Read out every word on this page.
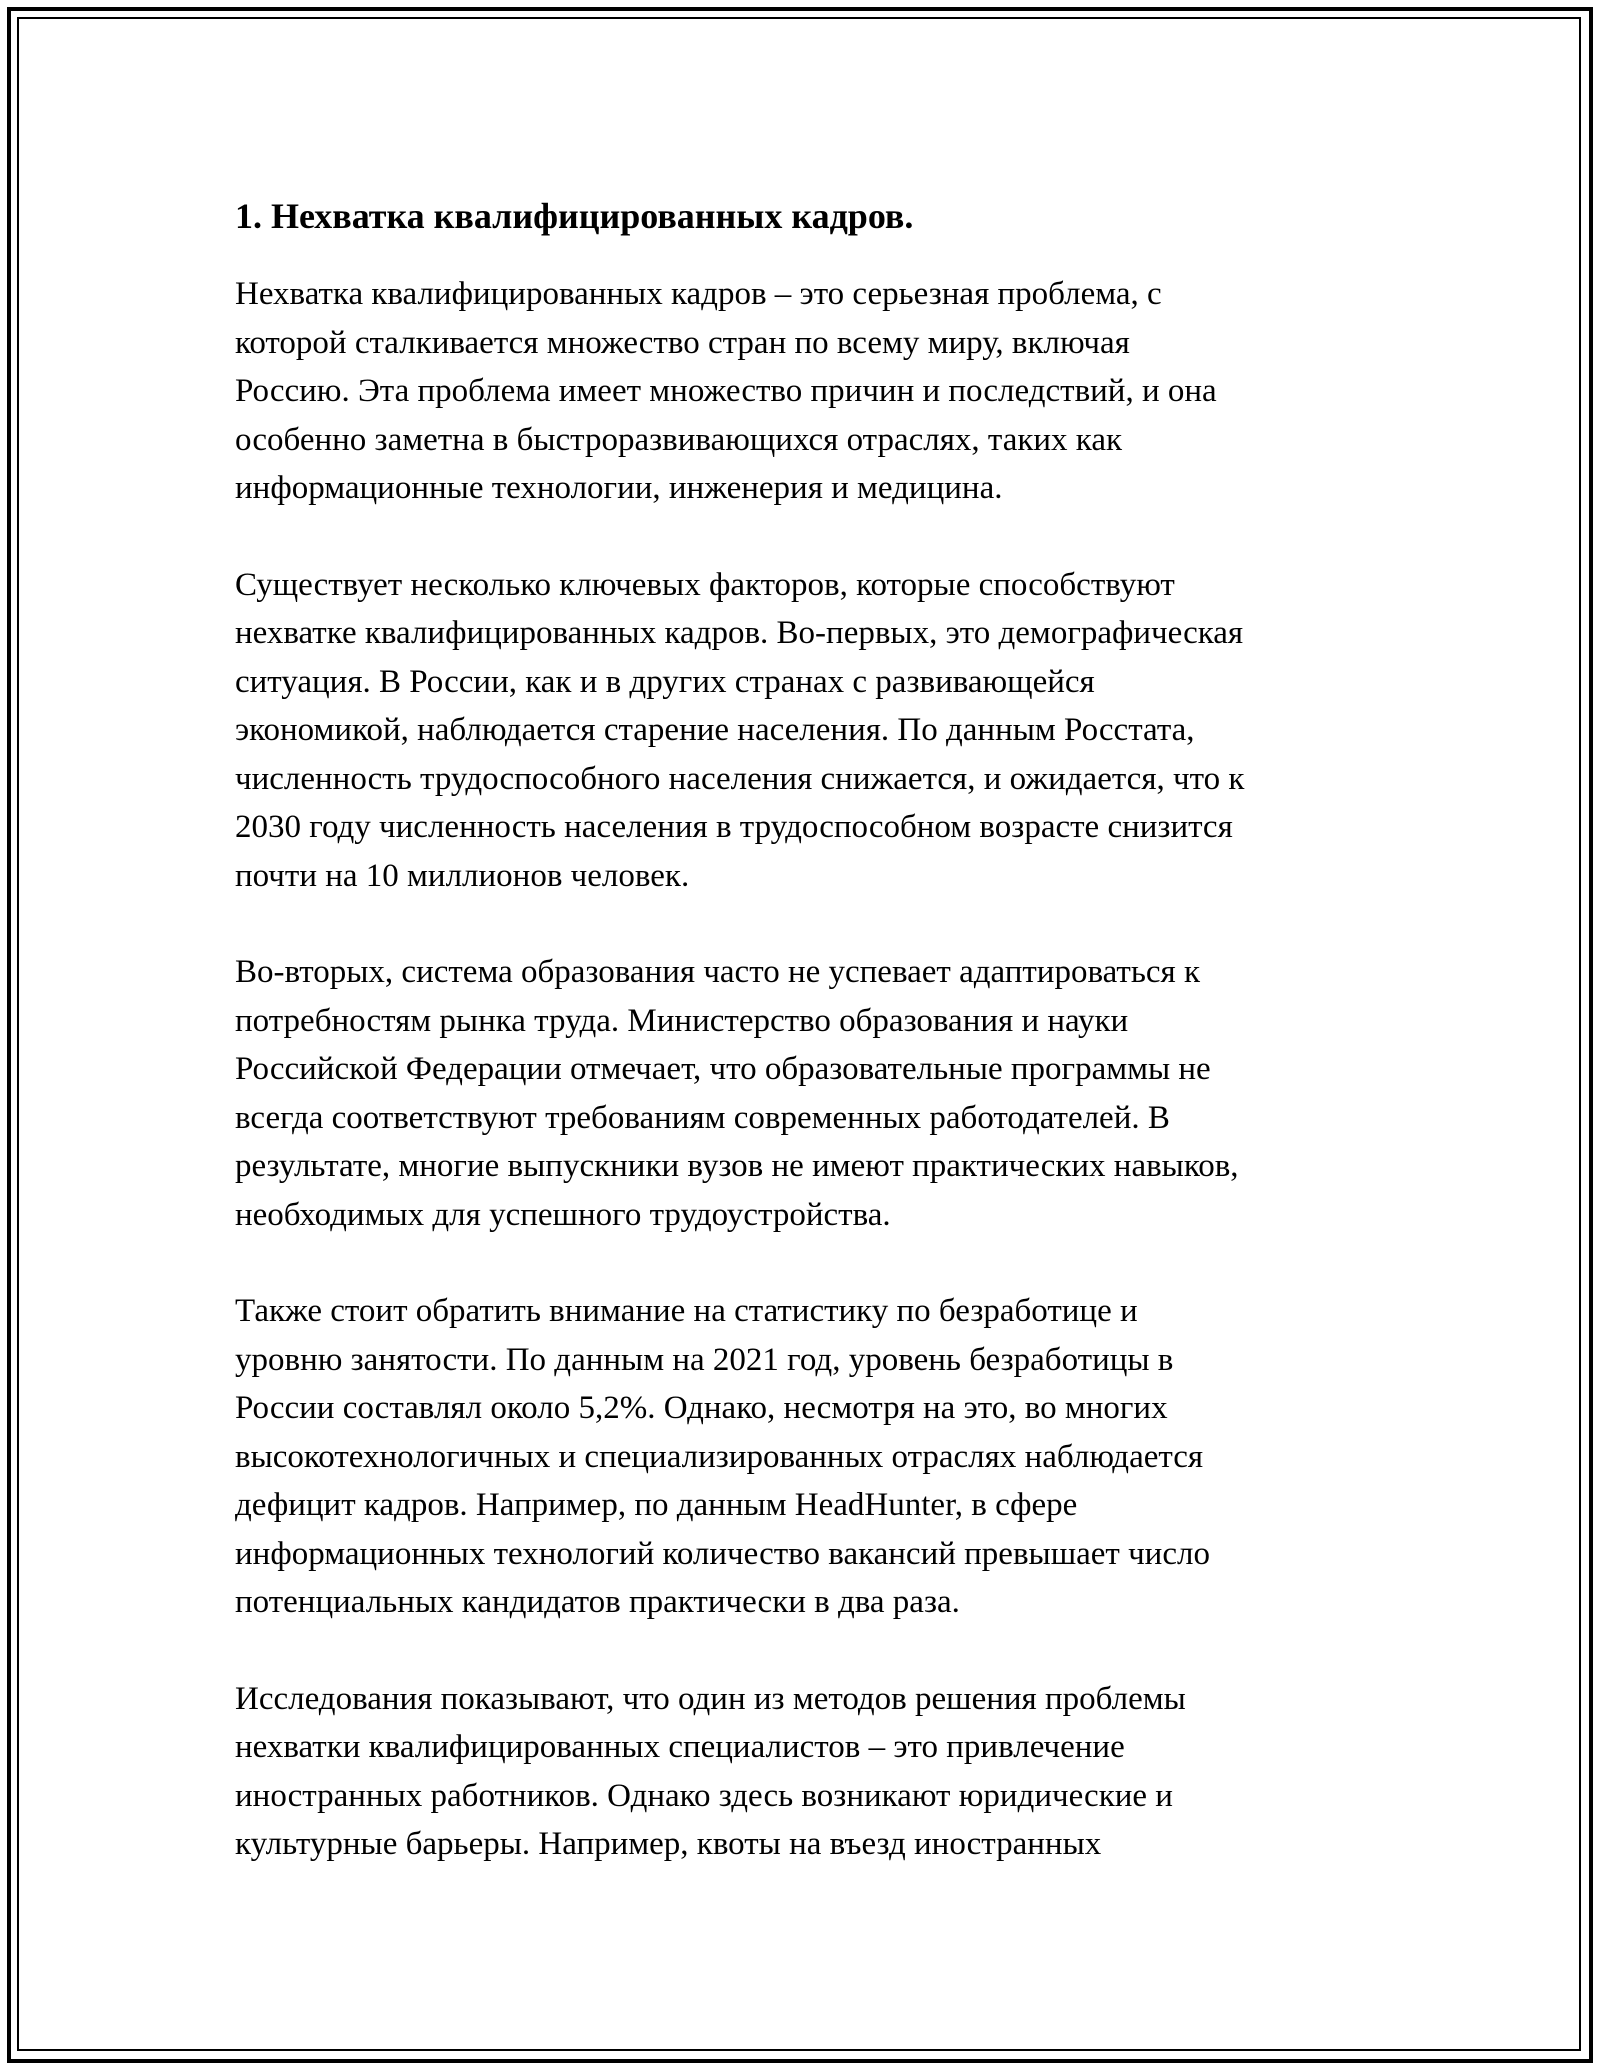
1. Нехватка квалифицированных кадров.

Нехватка квалифицированных кадров – это серьезная проблема, с
которой сталкивается множество стран по всему миру, включая
Россию. Эта проблема имеет множество причин и последствий, и она
особенно заметна в быстроразвивающихся отраслях, таких как
информационные технологии, инженерия и медицина.

Существует несколько ключевых факторов, которые способствуют
нехватке квалифицированных кадров. Во-первых, это демографическая
ситуация. В России, как и в других странах с развивающейся
экономикой, наблюдается старение населения. По данным Росстата,
численность трудоспособного населения снижается, и ожидается, что к
2030 году численность населения в трудоспособном возрасте снизится
почти на 10 миллионов человек.

Во-вторых, система образования часто не успевает адаптироваться к
потребностям рынка труда. Министерство образования и науки
Российской Федерации отмечает, что образовательные программы не
всегда соответствуют требованиям современных работодателей. В
результате, многие выпускники вузов не имеют практических навыков,
необходимых для успешного трудоустройства.

Также стоит обратить внимание на статистику по безработице и
уровню занятости. По данным на 2021 год, уровень безработицы в
России составлял около 5,2%. Однако, несмотря на это, во многих
высокотехнологичных и специализированных отраслях наблюдается
дефицит кадров. Например, по данным HeadHunter, в сфере
информационных технологий количество вакансий превышает число
потенциальных кандидатов практически в два раза.

Исследования показывают, что один из методов решения проблемы
нехватки квалифицированных специалистов – это привлечение
иностранных работников. Однако здесь возникают юридические и
культурные барьеры. Например, квоты на въезд иностранных
